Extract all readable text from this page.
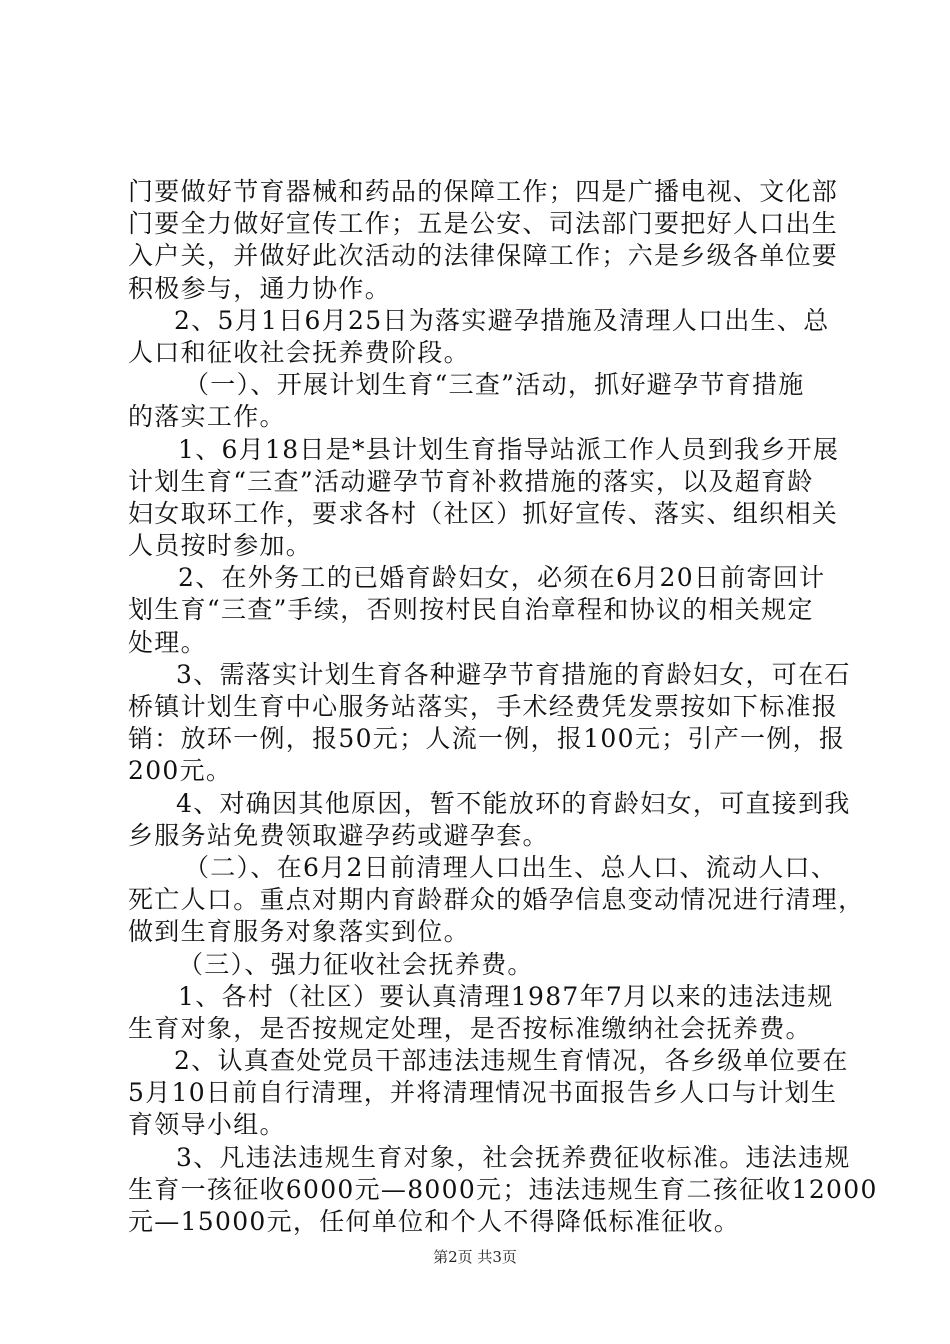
门要做好节育器械和药品的保障工作；四是广播电视、文化部
门要全力做好宣传工作；五是公安、司法部门要把好人口出生
入户关，并做好此次活动的法律保障工作；六是乡级各单位要
积极参与，通力协作。
2、5月1日6月25日为落实避孕措施及清理人口出生、总
人口和征收社会抚养费阶段。
（一）、开展计划生育“三查”活动，抓好避孕节育措施
的落实工作。
1、6月18日是*县计划生育指导站派工作人员到我乡开展
计划生育“三查”活动避孕节育补救措施的落实，以及超育龄
妇女取环工作，要求各村（社区）抓好宣传、落实、组织相关
人员按时参加。
2、在外务工的已婚育龄妇女，必须在6月20日前寄回计
划生育“三查”手续，否则按村民自治章程和协议的相关规定
处理。
3、需落实计划生育各种避孕节育措施的育龄妇女，可在石
桥镇计划生育中心服务站落实，手术经费凭发票按如下标准报
销：放环一例，报50元；人流一例，报100元；引产一例，报
200元。
4、对确因其他原因，暂不能放环的育龄妇女，可直接到我
乡服务站免费领取避孕药或避孕套。
（二）、在6月2日前清理人口出生、总人口、流动人口、
死亡人口。重点对期内育龄群众的婚孕信息变动情况进行清理，
做到生育服务对象落实到位。
（三）、强力征收社会抚养费。
1、各村（社区）要认真清理1987年7月以来的违法违规
生育对象，是否按规定处理，是否按标准缴纳社会抚养费。
2、认真查处党员干部违法违规生育情况，各乡级单位要在
5月10日前自行清理，并将清理情况书面报告乡人口与计划生
育领导小组。
3、凡违法违规生育对象，社会抚养费征收标准。违法违规
生育一孩征收6000元—8000元；违法违规生育二孩征收12000
元—15000元，任何单位和个人不得降低标准征收。
第2页 共3页
